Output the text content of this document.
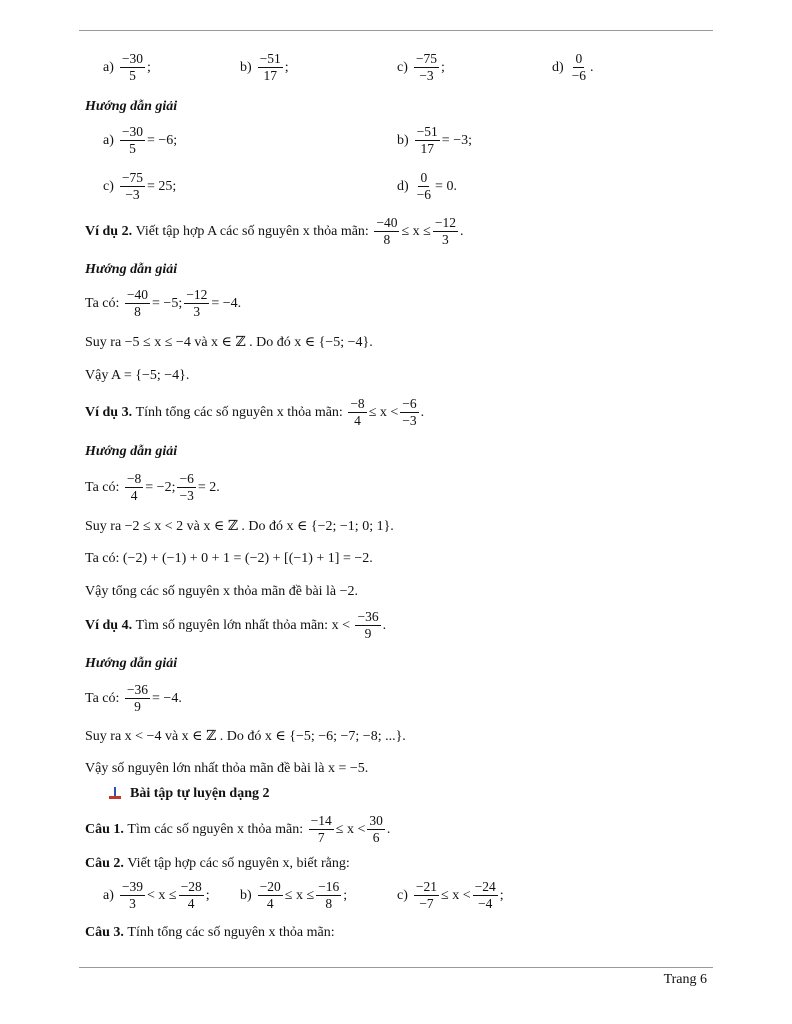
$a) \frac{-30}{5}$ ;	$b) \frac{-51}{17}$ ;	$c) \frac{-75}{-3}$ ;	$d) \frac{0}{-6}$ .
Hướng dẫn giải
$a) \frac{-30}{5} = -6$;	$b) \frac{-51}{17} = -3$;
$c) \frac{-75}{-3} = 25$;	$d) \frac{0}{-6} = 0$.
Ví dụ 2.
Viết tập hợp A các số nguyên x thỏa mãn:
$\frac{-40}{8} \le x \le \frac{-12}{3}$ .
Hướng dẫn giải
Ta có:
$\frac{-40}{8} = -5$; $\frac{-12}{3} = -4$.
Suy ra −5 ≤ x ≤ −4 và x ∈ ℤ . Do đó x ∈ {−5; −4}.
Vậy A = {−5; −4}.
Ví dụ 3.
Tính tổng các số nguyên x thỏa mãn:
$\frac{-8}{4} \le x < \frac{-6}{-3}$ .
Hướng dẫn giải
Ta có:
$\frac{-8}{4} = -2$; $\frac{-6}{-3} = 2$.
Suy ra −2 ≤ x < 2 và x ∈ ℤ . Do đó x ∈ {−2; −1; 0; 1}.
Ta có: (−2) + (−1) + 0 + 1 = (−2) + [(−1) + 1] = −2.
Vậy tổng các số nguyên x thỏa mãn đề bài là −2.
Ví dụ 4.
Tìm số nguyên lớn nhất thỏa mãn: x <
$\frac{-36}{9}$ .
Hướng dẫn giải
Ta có:
$\frac{-36}{9} = -4$.
Suy ra x < −4 và x ∈ ℤ . Do đó x ∈ {−5; −6; −7; −8; ...}.
Vậy số nguyên lớn nhất thỏa mãn đề bài là x = −5.
Bài tập tự luyện dạng 2
Câu 1.
Tìm các số nguyên x thỏa mãn:
$\frac{-14}{7} \le x < \frac{30}{6}$ .
Câu 2.
Viết tập hợp các số nguyên x, biết rằng:
$a) \frac{-39}{3} < x \le \frac{-28}{4}$ ; $b) \frac{-20}{4} \le x \le \frac{-16}{8}$ ;	$c) \frac{-21}{-7} \le x < \frac{-24}{-4}$ ;
Câu 3.
Tính tổng các số nguyên x thỏa mãn:
Trang 6
